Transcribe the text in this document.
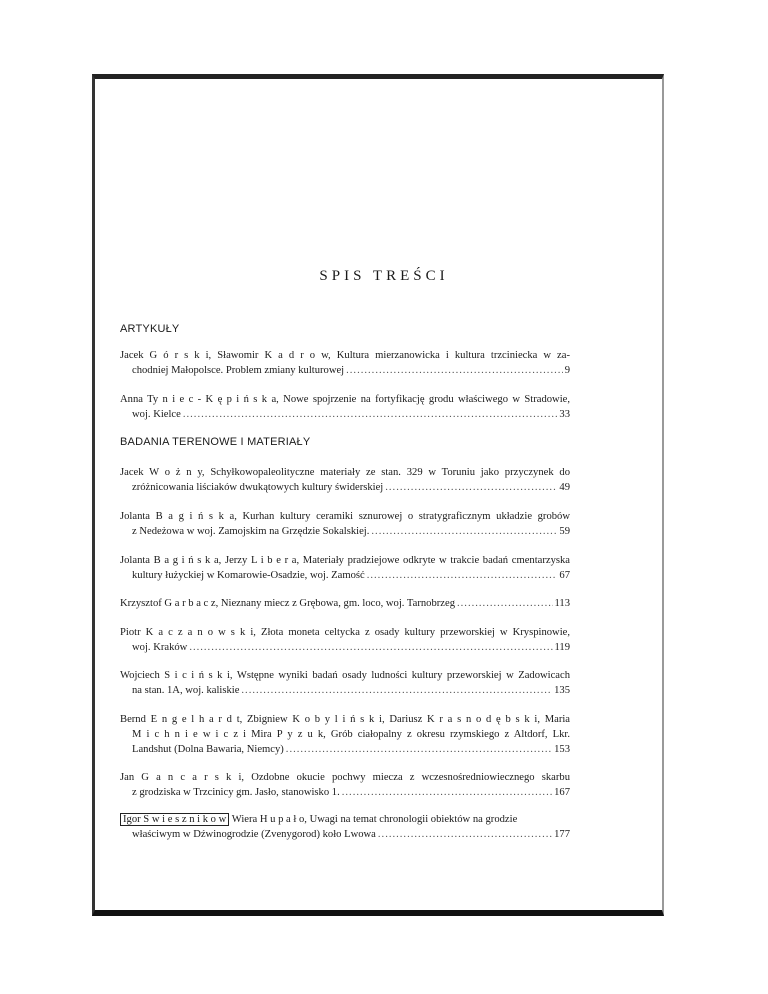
SPIS TREŚCI
ARTYKUŁY
Jacek G ó r s k i, Sławomir K a d r o w, Kultura mierzanowicka i kultura trzciniecka w za-
chodniej Małopolsce. Problem zmiany kulturowej .....	9
Anna Ty n i e c - K ę p i ń s k a, Nowe spojrzenie na fortyfikację grodu właściwego w Stradowie,
woj. Kielce .....	33
BADANIA TERENOWE I MATERIAŁY
Jacek W o ż n y, Schyłkowopaleolityczne materiały ze stan. 329 w Toruniu jako przyczynek do
zróżnicowania liściaków dwukątowych kultury świderskiej .....	49
Jolanta B a g i ń s k a, Kurhan kultury ceramiki sznurowej o stratygraficznym układzie grobów
z Nedeżowa w woj. Zamojskim na Grzędzie Sokalskiej. .....	59
Jolanta B a g i ń s k a, Jerzy L i b e r a, Materiały pradziejowe odkryte w trakcie badań cmentarzyska
kultury łużyckiej w Komarowie-Osadzie, woj. Zamość .....	67
Krzysztof G a r b a c z, Nieznany miecz z Grębowa, gm. loco, woj. Tarnobrzeg .....	113
Piotr K a c z a n o w s k i, Złota moneta celtycka z osady kultury przeworskiej w Kryspinowie,
woj. Kraków .....	119
Wojciech S i c i ń s k i, Wstępne wyniki badań osady ludności kultury przeworskiej w Zadowicach
na stan. 1A, woj. kaliskie .....	135
Bernd E n g e l h a r d t, Zbigniew K o b y l i ń s k i, Dariusz K r a s n o d ę b s k i, Maria
M i c h n i e w i c z i Mira P y z u k, Grób ciałopalny z okresu rzymskiego z Altdorf, Lkr.
Landshut (Dolna Bawaria, Niemcy) .....	153
Jan G a n c a r s k i, Ozdobne okucie pochwy miecza z wczesnośredniowiecznego skarbu
z grodziska w Trzcinicy gm. Jasło, stanowisko 1. .....	167
Igor S w i e s z n i k o w Wiera H u p a ł o, Uwagi na temat chronologii obiektów na grodzie
właściwym w Dźwinogrodzie (Zvenygorod) koło Lwowa .....	177
